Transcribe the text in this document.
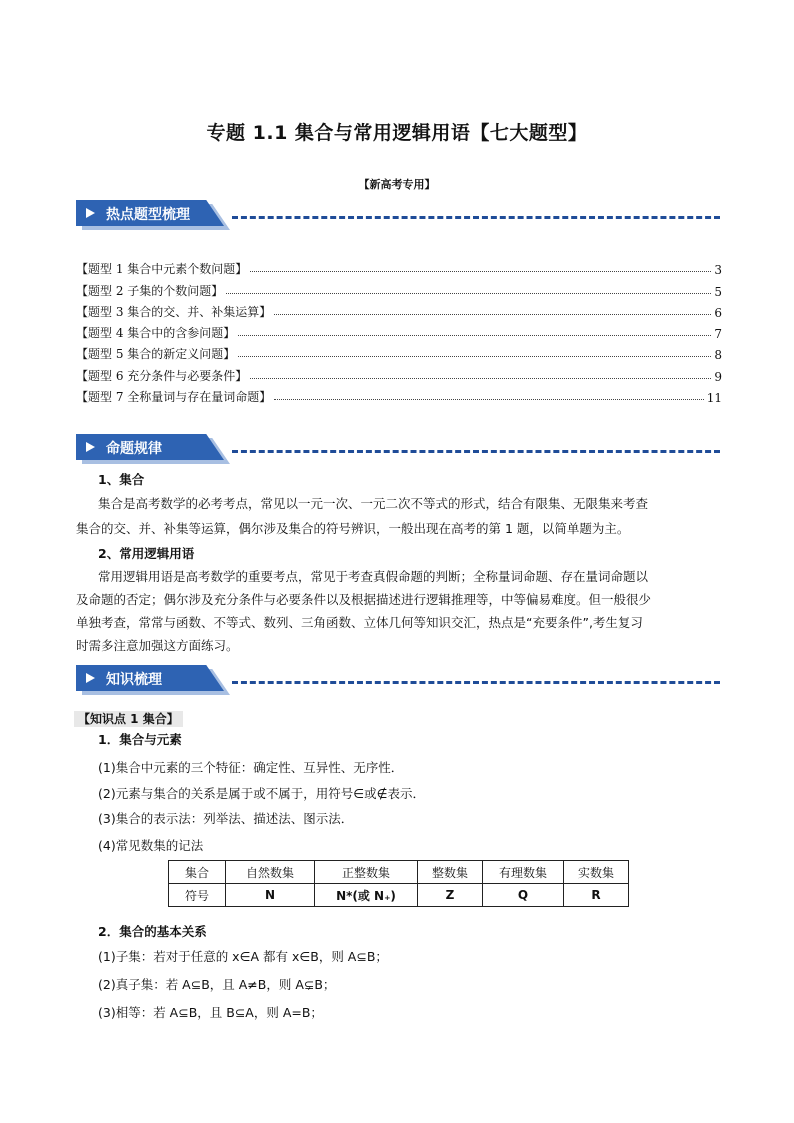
专题 1.1 集合与常用逻辑用语【七大题型】
【新高考专用】
热点题型梳理
【题型 1 集合中元素个数问题】	3
【题型 2 子集的个数问题】	5
【题型 3 集合的交、并、补集运算】	6
【题型 4 集合中的含参问题】	7
【题型 5 集合的新定义问题】	8
【题型 6 充分条件与必要条件】	9
【题型 7 全称量词与存在量词命题】	11
命题规律
1、集合
集合是高考数学的必考考点，常见以一元一次、一元二次不等式的形式，结合有限集、无限集来考查
集合的交、并、补集等运算，偶尔涉及集合的符号辨识，一般出现在高考的第 1 题，以简单题为主。
2、常用逻辑用语
常用逻辑用语是高考数学的重要考点，常见于考查真假命题的判断；全称量词命题、存在量词命题以
及命题的否定；偶尔涉及充分条件与必要条件以及根据描述进行逻辑推理等，中等偏易难度。但一般很少
单独考查，常常与函数、不等式、数列、三角函数、立体几何等知识交汇，热点是“充要条件”,考生复习
时需多注意加强这方面练习。
知识梳理
【知识点 1 集合】
1．集合与元素
(1)集合中元素的三个特征：确定性、互异性、无序性．
(2)元素与集合的关系是属于或不属于，用符号∈或∉表示．
(3)集合的表示法：列举法、描述法、图示法．
(4)常见数集的记法
集合	自然数集	正整数集	整数集	有理数集	实数集
符号	N	N*(或 N₊)	Z	Q	R
2．集合的基本关系
(1)子集：若对于任意的 x∈A 都有 x∈B，则 A⊆B；
(2)真子集：若 A⊆B，且 A≠B，则 A⊊B；
(3)相等：若 A⊆B，且 B⊆A，则 A=B；
